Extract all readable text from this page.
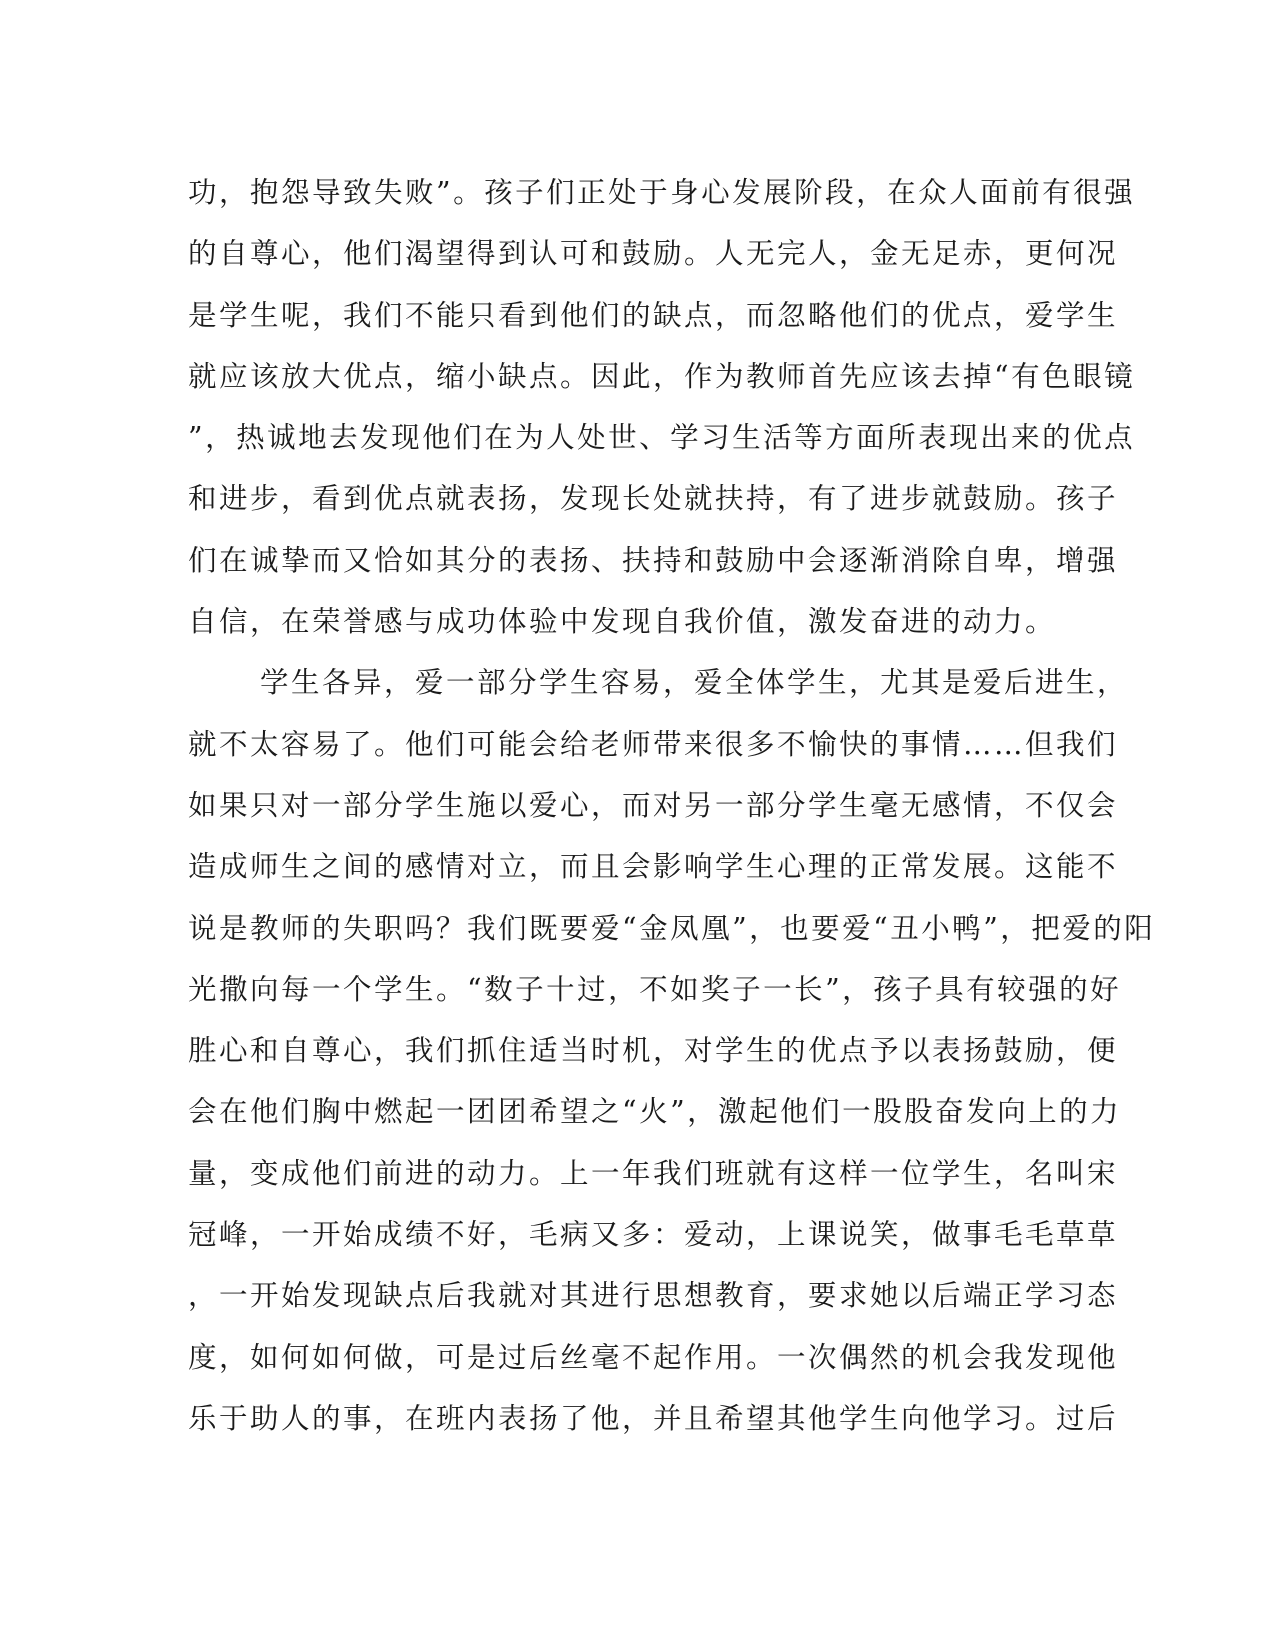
功，抱怨导致失败”。孩子们正处于身心发展阶段，在众人面前有很强
的自尊心，他们渴望得到认可和鼓励。人无完人，金无足赤，更何况
是学生呢，我们不能只看到他们的缺点，而忽略他们的优点，爱学生
就应该放大优点，缩小缺点。因此，作为教师首先应该去掉“有色眼镜
”，热诚地去发现他们在为人处世、学习生活等方面所表现出来的优点
和进步，看到优点就表扬，发现长处就扶持，有了进步就鼓励。孩子
们在诚挚而又恰如其分的表扬、扶持和鼓励中会逐渐消除自卑，增强
自信，在荣誉感与成功体验中发现自我价值，激发奋进的动力。
学生各异，爱一部分学生容易，爱全体学生，尤其是爱后进生，
就不太容易了。他们可能会给老师带来很多不愉快的事情……但我们
如果只对一部分学生施以爱心，而对另一部分学生毫无感情，不仅会
造成师生之间的感情对立，而且会影响学生心理的正常发展。这能不
说是教师的失职吗？我们既要爱“金凤凰”，也要爱“丑小鸭”，把爱的阳
光撒向每一个学生。“数子十过，不如奖子一长”，孩子具有较强的好
胜心和自尊心，我们抓住适当时机，对学生的优点予以表扬鼓励，便
会在他们胸中燃起一团团希望之“火”，激起他们一股股奋发向上的力
量，变成他们前进的动力。上一年我们班就有这样一位学生，名叫宋
冠峰，一开始成绩不好，毛病又多：爱动，上课说笑，做事毛毛草草
，一开始发现缺点后我就对其进行思想教育，要求她以后端正学习态
度，如何如何做，可是过后丝毫不起作用。一次偶然的机会我发现他
乐于助人的事，在班内表扬了他，并且希望其他学生向他学习。过后
